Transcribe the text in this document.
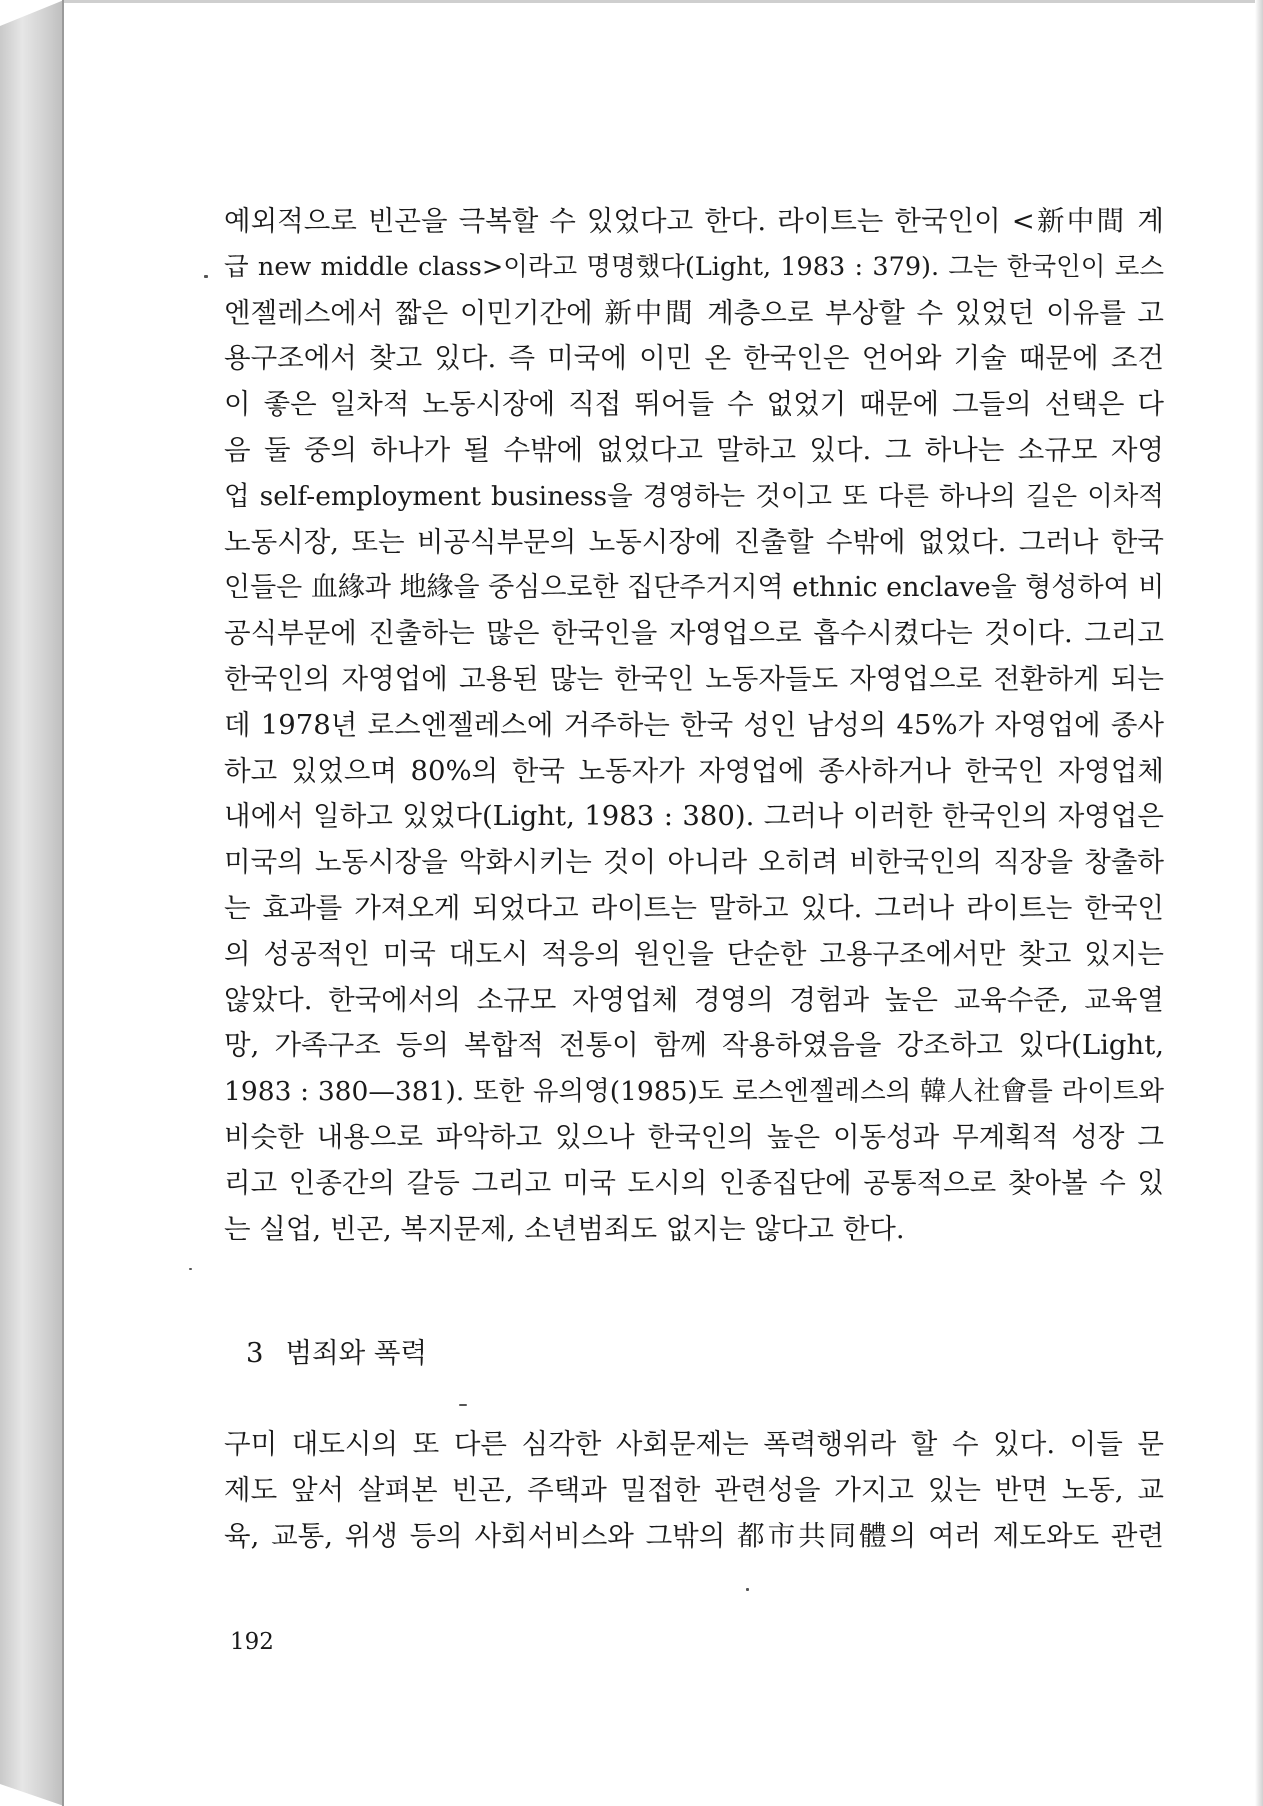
예외적으로 빈곤을 극복할 수 있었다고 한다. 라이트는 한국인이 <新中間 계
급 new middle class>이라고 명명했다(Light, 1983 : 379). 그는 한국인이 로스
엔젤레스에서 짧은 이민기간에 新中間 계층으로 부상할 수 있었던 이유를 고
용구조에서 찾고 있다. 즉 미국에 이민 온 한국인은 언어와 기술 때문에 조건
이 좋은 일차적 노동시장에 직접 뛰어들 수 없었기 때문에 그들의 선택은 다
음 둘 중의 하나가 될 수밖에 없었다고 말하고 있다. 그 하나는 소규모 자영
업 self-employment business을 경영하는 것이고 또 다른 하나의 길은 이차적
노동시장, 또는 비공식부문의 노동시장에 진출할 수밖에 없었다. 그러나 한국
인들은 血緣과 地緣을 중심으로한 집단주거지역 ethnic enclave을 형성하여 비
공식부문에 진출하는 많은 한국인을 자영업으로 흡수시켰다는 것이다. 그리고
한국인의 자영업에 고용된 많는 한국인 노동자들도 자영업으로 전환하게 되는
데 1978년 로스엔젤레스에 거주하는 한국 성인 남성의 45%가 자영업에 종사
하고 있었으며 80%의 한국 노동자가 자영업에 종사하거나 한국인 자영업체
내에서 일하고 있었다(Light, 1983 : 380). 그러나 이러한 한국인의 자영업은
미국의 노동시장을 악화시키는 것이 아니라 오히려 비한국인의 직장을 창출하
는 효과를 가져오게 되었다고 라이트는 말하고 있다. 그러나 라이트는 한국인
의 성공적인 미국 대도시 적응의 원인을 단순한 고용구조에서만 찾고 있지는
않았다. 한국에서의 소규모 자영업체 경영의 경험과 높은 교육수준, 교육열
망, 가족구조 등의 복합적 전통이 함께 작용하였음을 강조하고 있다(Light,
1983 : 380—381). 또한 유의영(1985)도 로스엔젤레스의 韓人社會를 라이트와
비슷한 내용으로 파악하고 있으나 한국인의 높은 이동성과 무계획적 성장 그
리고 인종간의 갈등 그리고 미국 도시의 인종집단에 공통적으로 찾아볼 수 있
는 실업, 빈곤, 복지문제, 소년범죄도 없지는 않다고 한다.
3 범죄와 폭력
구미 대도시의 또 다른 심각한 사회문제는 폭력행위라 할 수 있다. 이들 문
제도 앞서 살펴본 빈곤, 주택과 밀접한 관련성을 가지고 있는 반면 노동, 교
육, 교통, 위생 등의 사회서비스와 그밖의 都市共同體의 여러 제도와도 관련
192
